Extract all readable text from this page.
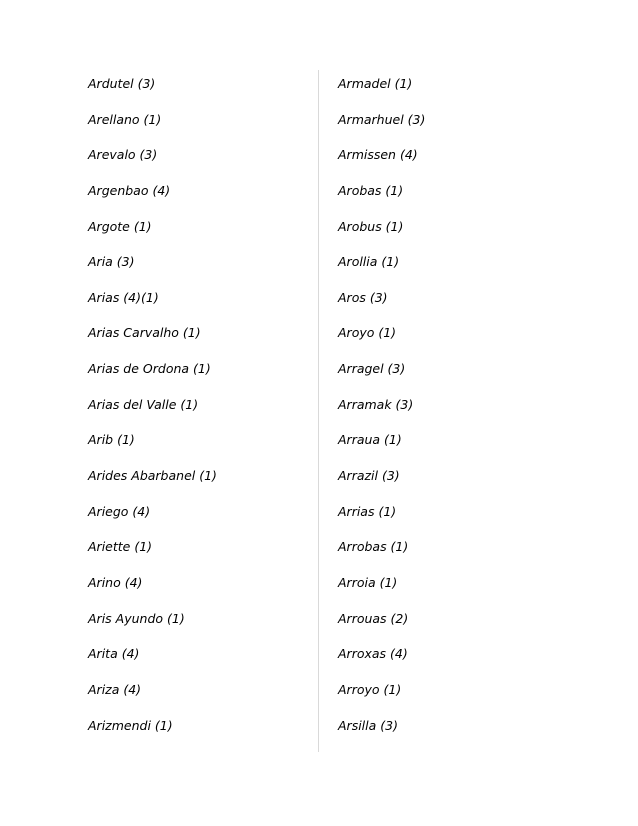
Ardutel (3)
Arellano (1)
Arevalo (3)
Argenbao (4)
Argote (1)
Aria (3)
Arias (4)(1)
Arias Carvalho (1)
Arias de Ordona (1)
Arias del Valle (1)
Arib (1)
Arides Abarbanel (1)
Ariego (4)
Ariette (1)
Arino (4)
Aris Ayundo (1)
Arita (4)
Ariza (4)
Arizmendi (1)
Armadel (1)
Armarhuel (3)
Armissen (4)
Arobas (1)
Arobus (1)
Arollia (1)
Aros (3)
Aroyo (1)
Arragel (3)
Arramak (3)
Arraua (1)
Arrazil (3)
Arrias (1)
Arrobas (1)
Arroia (1)
Arrouas (2)
Arroxas (4)
Arroyo (1)
Arsilla (3)
